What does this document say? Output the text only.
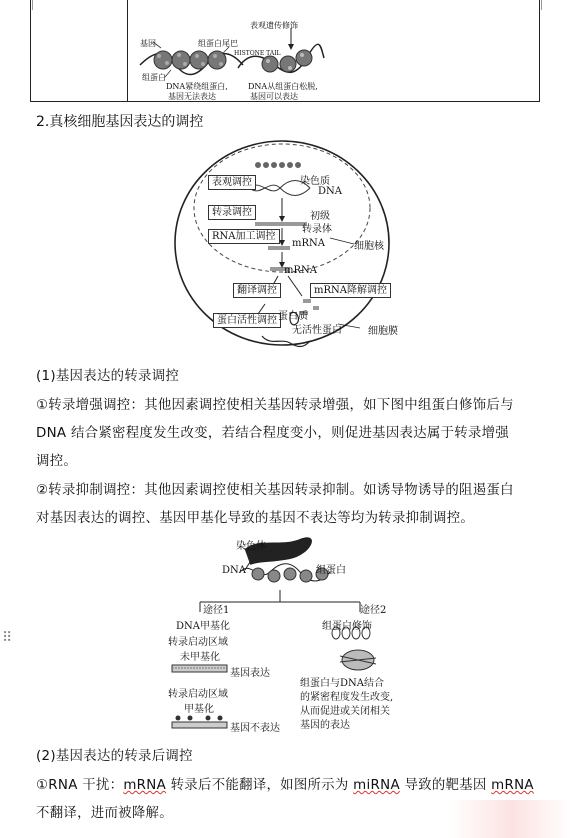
基因	组蛋白尾巴
组蛋白
DNA紧绕组蛋白,
基因无法表达
表观遗传修饰
HISTONE TAIL
DNA从组蛋白松脱,
基因可以表达
2.真核细胞基因表达的调控
表观调控
转录调控
RNA加工调控
翻译调控	mRNA降解调控
蛋白活性调控
染色质
DNA
初级
转录体
mRNA	细胞核
mRNA
蛋白质
无活性蛋白	细胞膜
(1)基因表达的转录调控
①转录增强调控：其他因素调控使相关基因转录增强，如下图中组蛋白修饰后与
DNA 结合紧密程度发生改变，若结合程度变小，则促进基因表达属于转录增强
调控。
②转录抑制调控：其他因素调控使相关基因转录抑制。如诱导物诱导的阻遏蛋白
对基因表达的调控、基因甲基化导致的基因不表达等均为转录抑制调控。
染色体
DNA	组蛋白
途径1	途径2
DNA甲基化
转录启动区域
未甲基化
基因表达
转录启动区域
甲基化
基因不表达
组蛋白修饰
组蛋白与DNA结合
的紧密程度发生改变,
从而促进或关闭相关
基因的表达
⠿
(2)基因表达的转录后调控
①RNA 干扰：mRNA 转录后不能翻译，如图所示为 miRNA 导致的靶基因 mRNA
不翻译，进而被降解。
